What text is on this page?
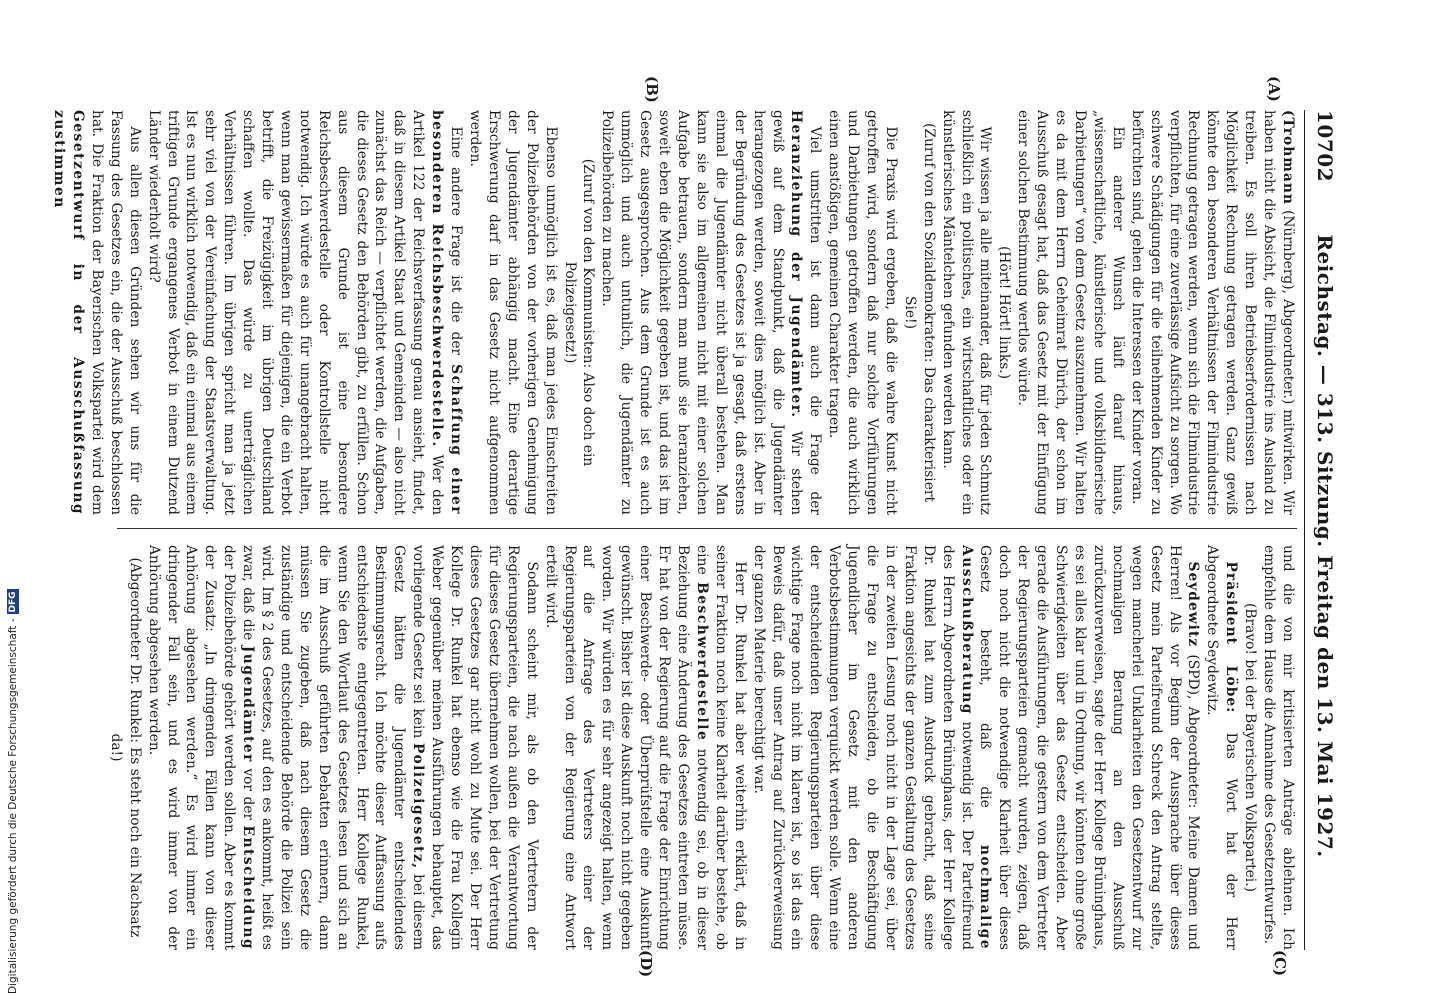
(A)
(B)
(C)
(D)
10702
Reichstag. — 313. Sitzung. Freitag den 13. Mai 1927.

(Trohmann (Nürnberg), Abgeordneter.) mitwirken. Wir haben nicht die Absicht, die Filmindustrie ins Ausland zu treiben. Es soll ihren Betriebserfordernissen nach Möglichkeit Rechnung getragen werden. Ganz gewiß könnte den besonderen Verhältnissen der Filmindustrie Rechnung getragen werden, wenn sich die Filmindustrie verpflichten, für eine zuverlässige Aufsicht zu sorgen. Wo schwere Schädigungen für die teilnehmenden Kinder zu befürchten sind, gehen die Interessen der Kinder voran.

Ein anderer Wunsch läuft darauf hinaus, „wissenschaftliche, künstlerische und volksbildnerische Darbietungen“ von dem Gesetz auszunehmen. Wir halten es da mit dem Herrn Geheimrat Dürich, der schon im Ausschuß gesagt hat, daß das Gesetz mit der Einfügung einer solchen Bestimmung wertlos würde.

(Hört! Hört! links.)

Wir wissen ja alle miteinander, daß für jeden Schmutz schließlich ein politisches, ein wirtschaftliches oder ein künstlerisches Mäntelchen gefunden werden kann.

(Zuruf von den Sozialdemokraten: Das charakterisiert Sie!)

Die Praxis wird ergeben, daß die wahre Kunst nicht getroffen wird, sondern daß nur solche Vorführungen und Darbietungen getroffen werden, die auch wirklich einen anstößigen, gemeinen Charakter tragen.

Viel umstritten ist dann auch die Frage der Heranziehung der Jugendämter. Wir stehen gewiß auf dem Standpunkt, daß die Jugendämter herangezogen werden, soweit dies möglich ist. Aber in der Begründung des Gesetzes ist ja gesagt, daß erstens einmal die Jugendämter nicht überall bestehen. Man kann sie also im allgemeinen nicht mit einer solchen Aufgabe betrauen, sondern man muß sie heranziehen, soweit eben die Möglichkeit gegeben ist, und das ist im Gesetz ausgesprochen. Aus dem Grunde ist es auch unmöglich und auch untunlich, die Jugendämter zu Polizeibehörden zu machen.

(Zuruf von den Kommunisten: Also doch ein Polizeigesetz!)

Ebenso unmöglich ist es, daß man jedes Einschreiten der Polizeibehörden von der vorherigen Genehmigung der Jugendämter abhängig macht. Eine derartige Erschwerung darf in das Gesetz nicht aufgenommen werden.

Eine andere Frage ist die der Schaffung einer besonderen Reichsbeschwerdestelle. Wer den Artikel 122 der Reichsverfassung genau ansieht, findet, daß in diesem Artikel Staat und Gemeinden — also nicht zunächst das Reich — verpflichtet werden, die Aufgaben, die dieses Gesetz den Behörden gibt, zu erfüllen. Schon aus diesem Grunde ist eine besondere Reichsbeschwerdestelle oder Kontrollstelle nicht notwendig. Ich würde es auch für unangebracht halten, wenn man gewissermaßen für diejenigen, die ein Verbot betrifft, die Freizügigkeit im übrigen Deutschland schaffen wollte. Das würde zu unerträglichen Verhältnissen führen. Im übrigen spricht man ja jetzt sehr viel von der Vereinfachung der Staatsverwaltung. Ist es nun wirklich notwendig, daß ein einmal aus einem triftigen Grunde ergangenes Verbot in einem Dutzend Länder wiederholt wird?

Aus allen diesen Gründen sehen wir uns für die Fassung des Gesetzes ein, die der Ausschuß beschlossen hat. Die Fraktion der Bayerischen Volkspartei wird dem Gesetzentwurf in der Ausschußfassung zustimmen

und die von mir kritisierten Anträge ablehnen. Ich empfehle dem Hause die Annahme des Gesetzentwurfes.

(Bravo! bei der Bayerischen Volkspartei.)

Präsident Löbe: Das Wort hat der Herr Abgeordnete Seydewitz.

Seydewitz (SPD), Abgeordneter: Meine Damen und Herren! Als vor Beginn der Aussprache über dieses Gesetz mein Parteifreund Schreck den Antrag stellte, wegen mancherlei Unklarheiten den Gesetzentwurf zur nochmaligen Beratung an den Ausschuß zurückzuverweisen, sagte der Herr Kollege Brüninghaus, es sei alles klar und in Ordnung, wir könnten ohne große Schwierigkeiten über das Gesetz entscheiden. Aber gerade die Ausführungen, die gestern von dem Vertreter der Regierungsparteien gemacht wurden, zeigen, daß doch noch nicht die notwendige Klarheit über dieses Gesetz besteht, daß die nochmalige Ausschußberatung notwendig ist. Der Parteifreund des Herrn Abgeordneten Brüninghaus, der Herr Kollege Dr. Runkel hat zum Ausdruck gebracht, daß seine Fraktion angesichts der ganzen Gestaltung des Gesetzes in der zweiten Lesung noch nicht in der Lage sei, über die Frage zu entscheiden, ob die Beschäftigung Jugendlicher im Gesetz mit den anderen Verbotsbestimmungen verquickt werden solle. Wenn eine der entscheidenden Regierungsparteien über diese wichtige Frage noch nicht im klaren ist, so ist das ein Beweis dafür, daß unser Antrag auf Zurückverweisung der ganzen Materie berechtigt war.

Herr Dr. Runkel hat aber weiterhin erklärt, daß in seiner Fraktion noch keine Klarheit darüber bestehe, ob eine Beschwerdestelle notwendig sei, ob in dieser Beziehung eine Änderung des Gesetzes eintreten müsse. Er hat von der Regierung auf die Frage der Einrichtung einer Beschwerde- oder Überprüfstelle eine Auskunft gewünscht. Bisher ist diese Auskunft noch nicht gegeben worden. Wir würden es für sehr angezeigt halten, wenn auf die Anfrage des Vertreters einer der Regierungsparteien von der Regierung eine Antwort erteilt wird.

Sodann scheint mir, als ob den Vertretern der Regierungsparteien, die nach außen die Verantwortung für dieses Gesetz übernehmen wollen, bei der Vertretung dieses Gesetzes gar nicht wohl zu Mute sei. Der Herr Kollege Dr. Runkel hat ebenso wie die Frau Kollegin Weber gegenüber meinen Ausführungen behauptet, das vorliegende Gesetz sei kein Polizeigesetz, bei diesem Gesetz hätten die Jugendämter entscheidendes Bestimmungsrecht. Ich möchte dieser Auffassung aufs entschiedenste entgegentreten. Herr Kollege Runkel, wenn Sie den Wortlaut des Gesetzes lesen und sich an die im Ausschuß geführten Debatten erinnern, dann müssen Sie zugeben, daß nach diesem Gesetz die zuständige und entscheidende Behörde die Polizei sein wird. Im § 2 des Gesetzes, auf den es ankommt, heißt es zwar, daß die Jugendämter vor der Entscheidung der Polizeibehörde gehört werden sollen. Aber es kommt der Zusatz: „In dringenden Fällen kann von dieser Anhörung abgesehen werden.“ Es wird immer ein dringender Fall sein, und es wird immer von der Anhörung abgesehen werden.

(Abgeordneter Dr. Runkel: Es steht noch ein Nachsatz da!)

Digitalisierung gefördert durch die Deutsche Forschungsgemeinschaft -
DFG
